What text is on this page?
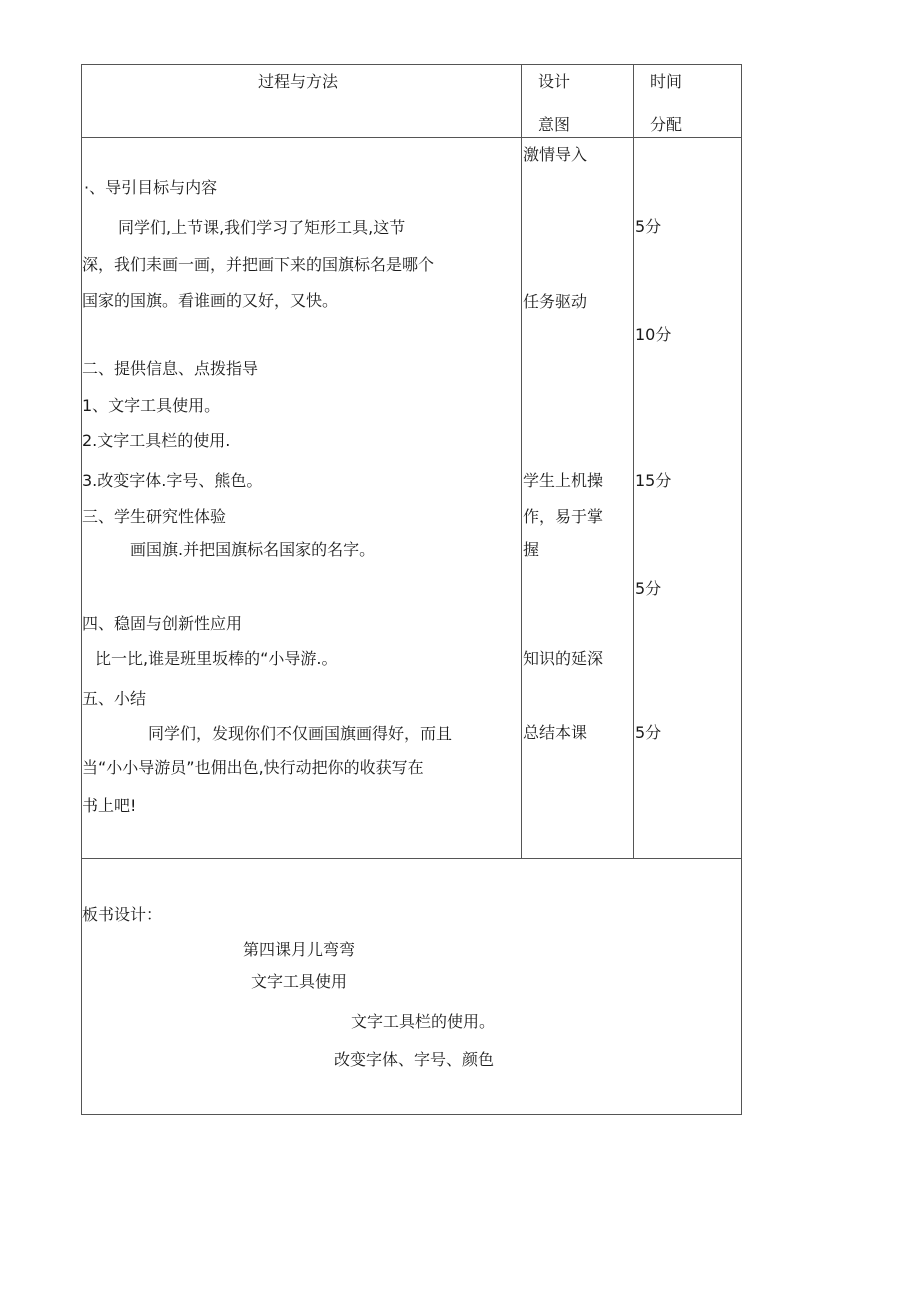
过程与方法	设计
意图
时间
分配
·、导引目标与内容
同学们,上节课,我们学习了矩形工具,这节
深，我们耒画一画，并把画下来的国旗标名是哪个
国家的国旗。看谁画的又好，又快。
二、提供信息、点拨指导
1、文字工具使用。
2.文字工具栏的使用.
3.改变字体.字号、熊色。
三、学生研究性体验
画国旗.并把国旗标名国家的名字。
四、稳固与创新性应用
比一比,谁是班里坂棒的“小导游.。
五、小结
同学们，发现你们不仅画国旗画得好，而且
当“小小导游员”也佣出色,快行动把你的收获写在
书上吧!
激情导入
任务驱动
学生上机操
作，易于掌
握
知识的延深
总结本课
5分
10分
15分
5分
5分
板书设计：
第四课月儿弯弯
文字工具使用
文字工具栏的使用。
改变字体、字号、颜色
